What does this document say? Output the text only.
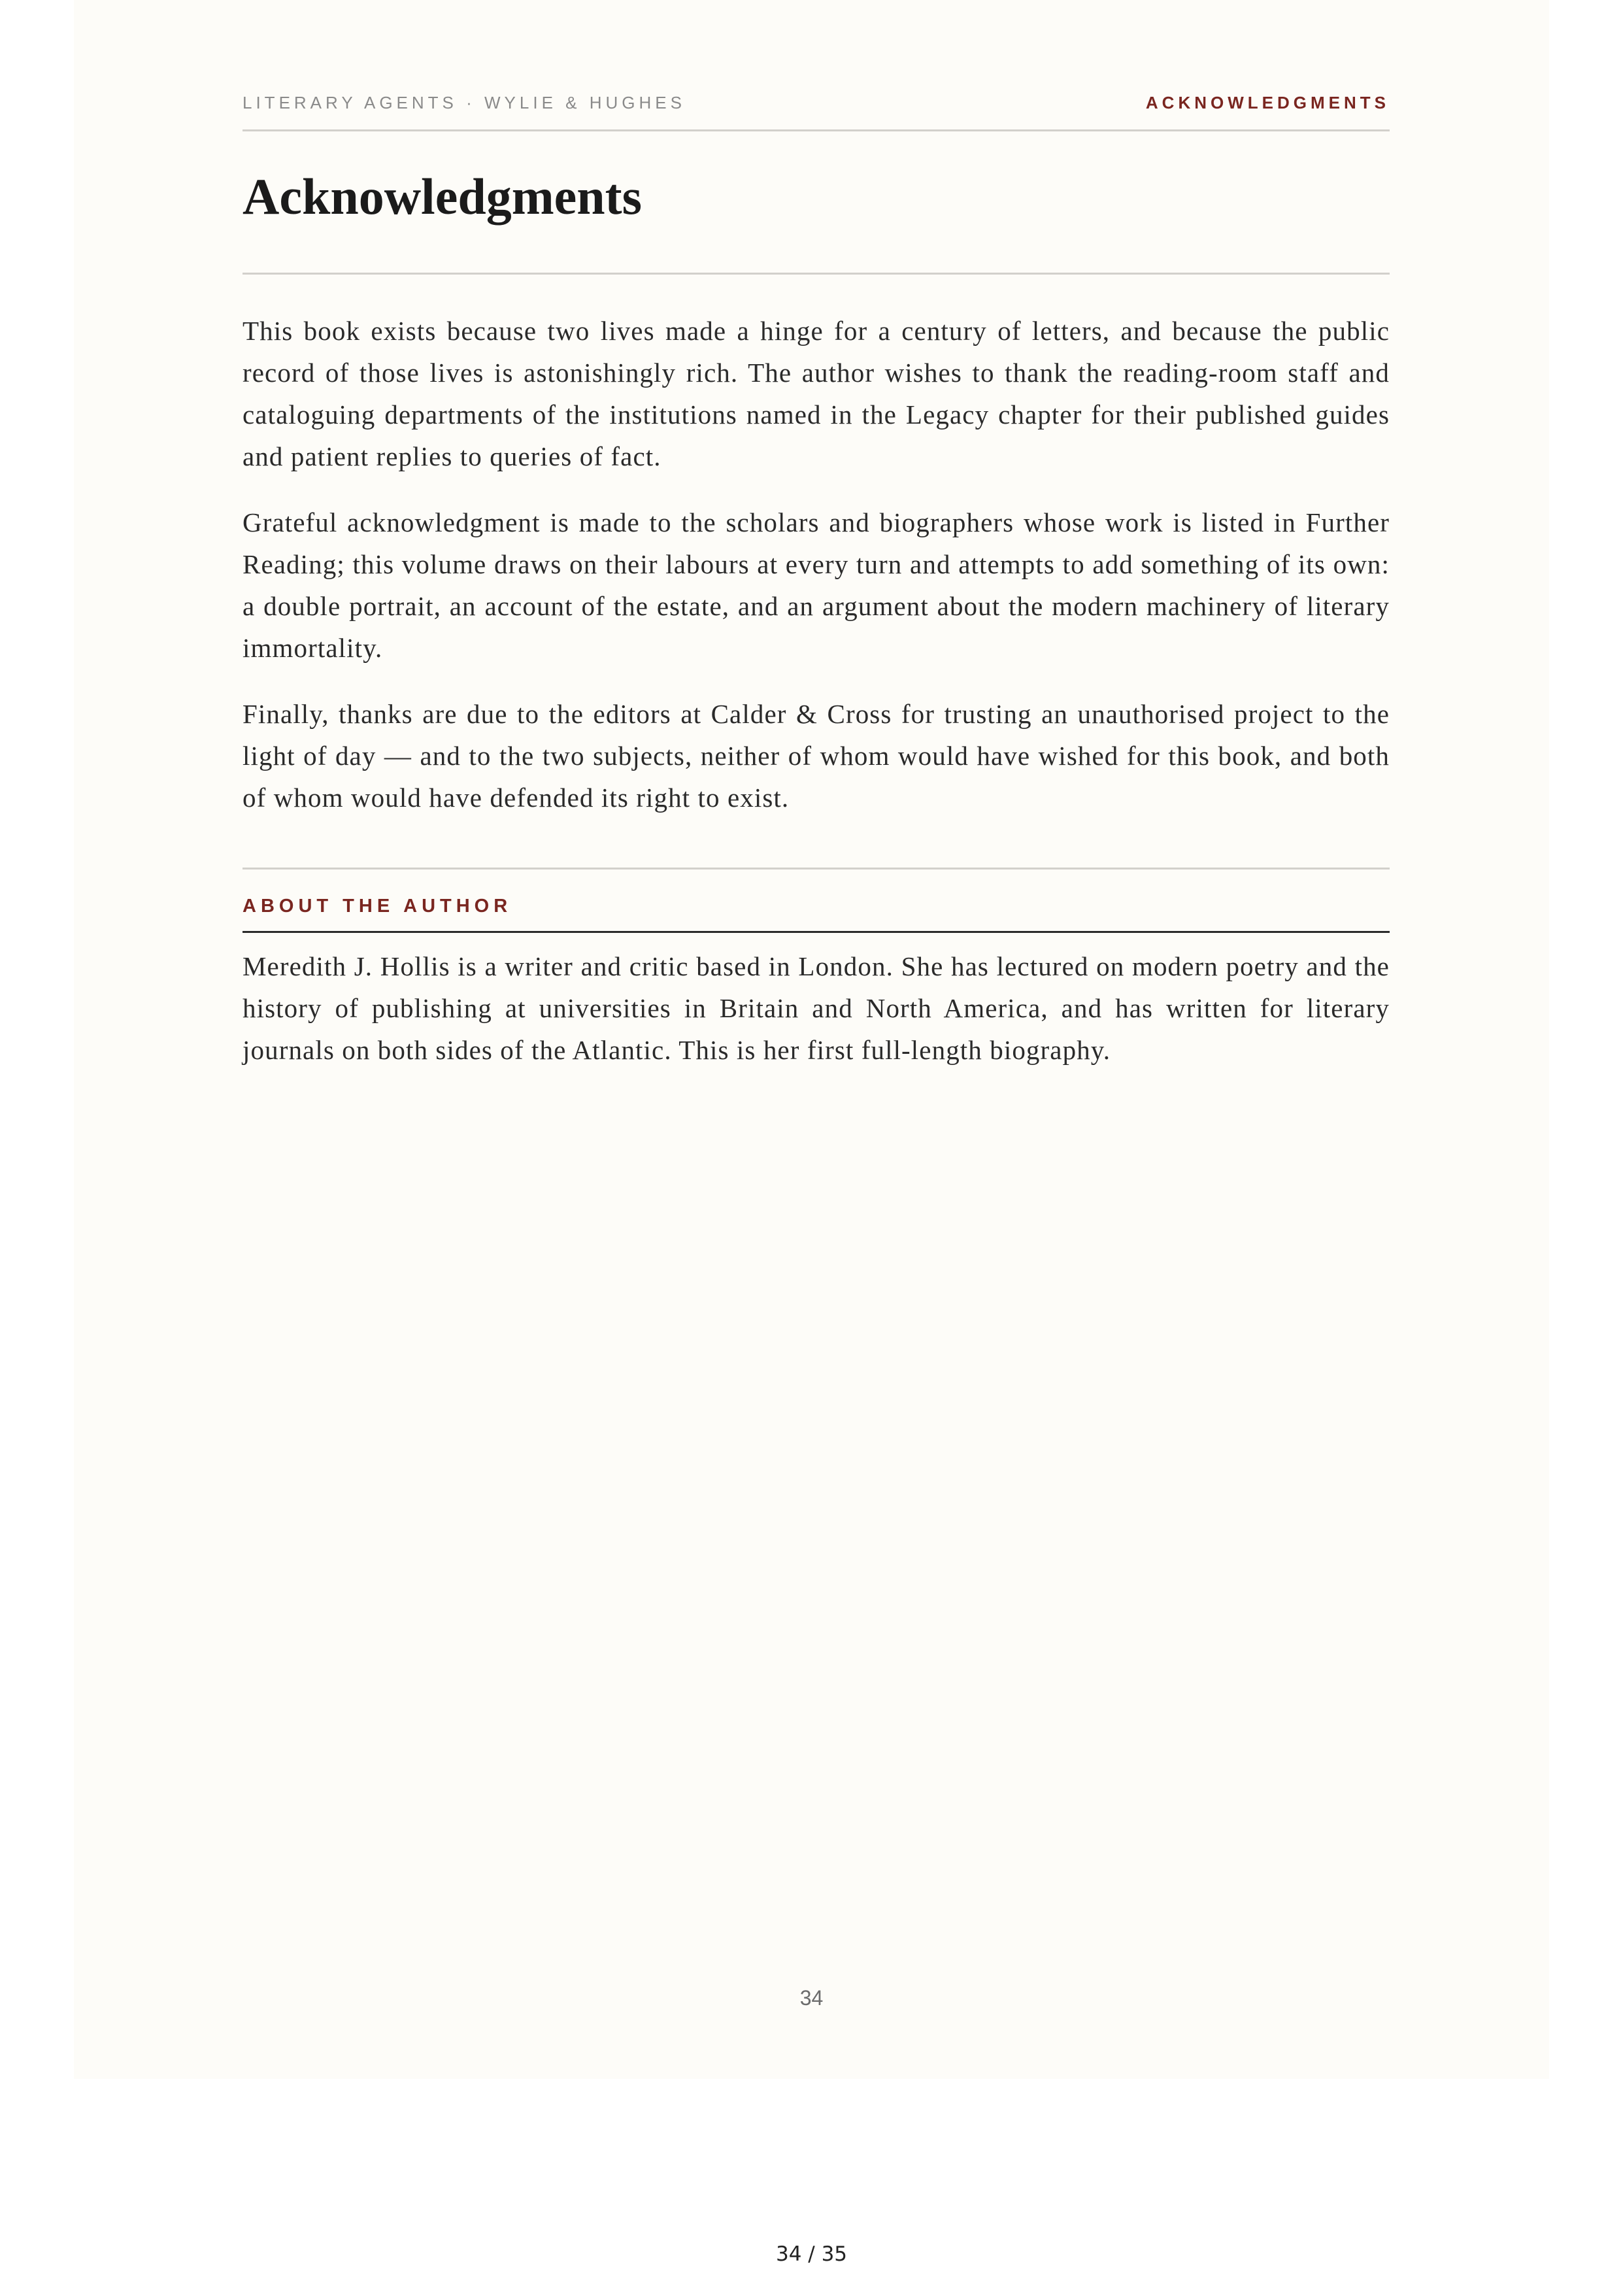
LITERARY AGENTS · WYLIE & HUGHES	ACKNOWLEDGMENTS
Acknowledgments

This book exists because two lives made a hinge for a century of letters, and because the public record of those lives is astonishingly rich. The author wishes to thank the reading-room staff and cataloguing departments of the institutions named in the Legacy chapter for their published guides and patient replies to queries of fact.

Grateful acknowledgment is made to the scholars and biographers whose work is listed in Further Reading; this volume draws on their labours at every turn and attempts to add something of its own: a double portrait, an account of the estate, and an argument about the modern machinery of literary immortality.

Finally, thanks are due to the editors at Calder & Cross for trusting an unauthorised project to the light of day — and to the two subjects, neither of whom would have wished for this book, and both of whom would have defended its right to exist.

ABOUT THE AUTHOR

Meredith J. Hollis is a writer and critic based in London. She has lectured on modern poetry and the history of publishing at universities in Britain and North America, and has written for literary journals on both sides of the Atlantic. This is her first full-length biography.

34
34 / 35
